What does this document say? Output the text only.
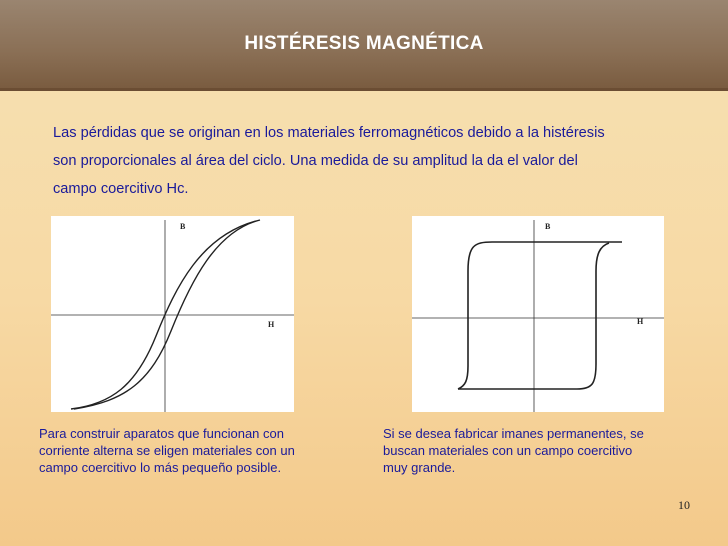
HISTÉRESIS MAGNÉTICA
Las pérdidas que se originan en los materiales ferromagnéticos debido a la histéresis
son proporcionales al área del ciclo. Una medida de su amplitud la da el valor del
campo coercitivo Hc.
B
H
B
H
Para construir aparatos que funcionan con
corriente alterna se eligen materiales con un
campo coercitivo lo más pequeño posible.
Si se desea fabricar imanes permanentes, se
buscan materiales con un campo coercitivo
muy grande.
10
